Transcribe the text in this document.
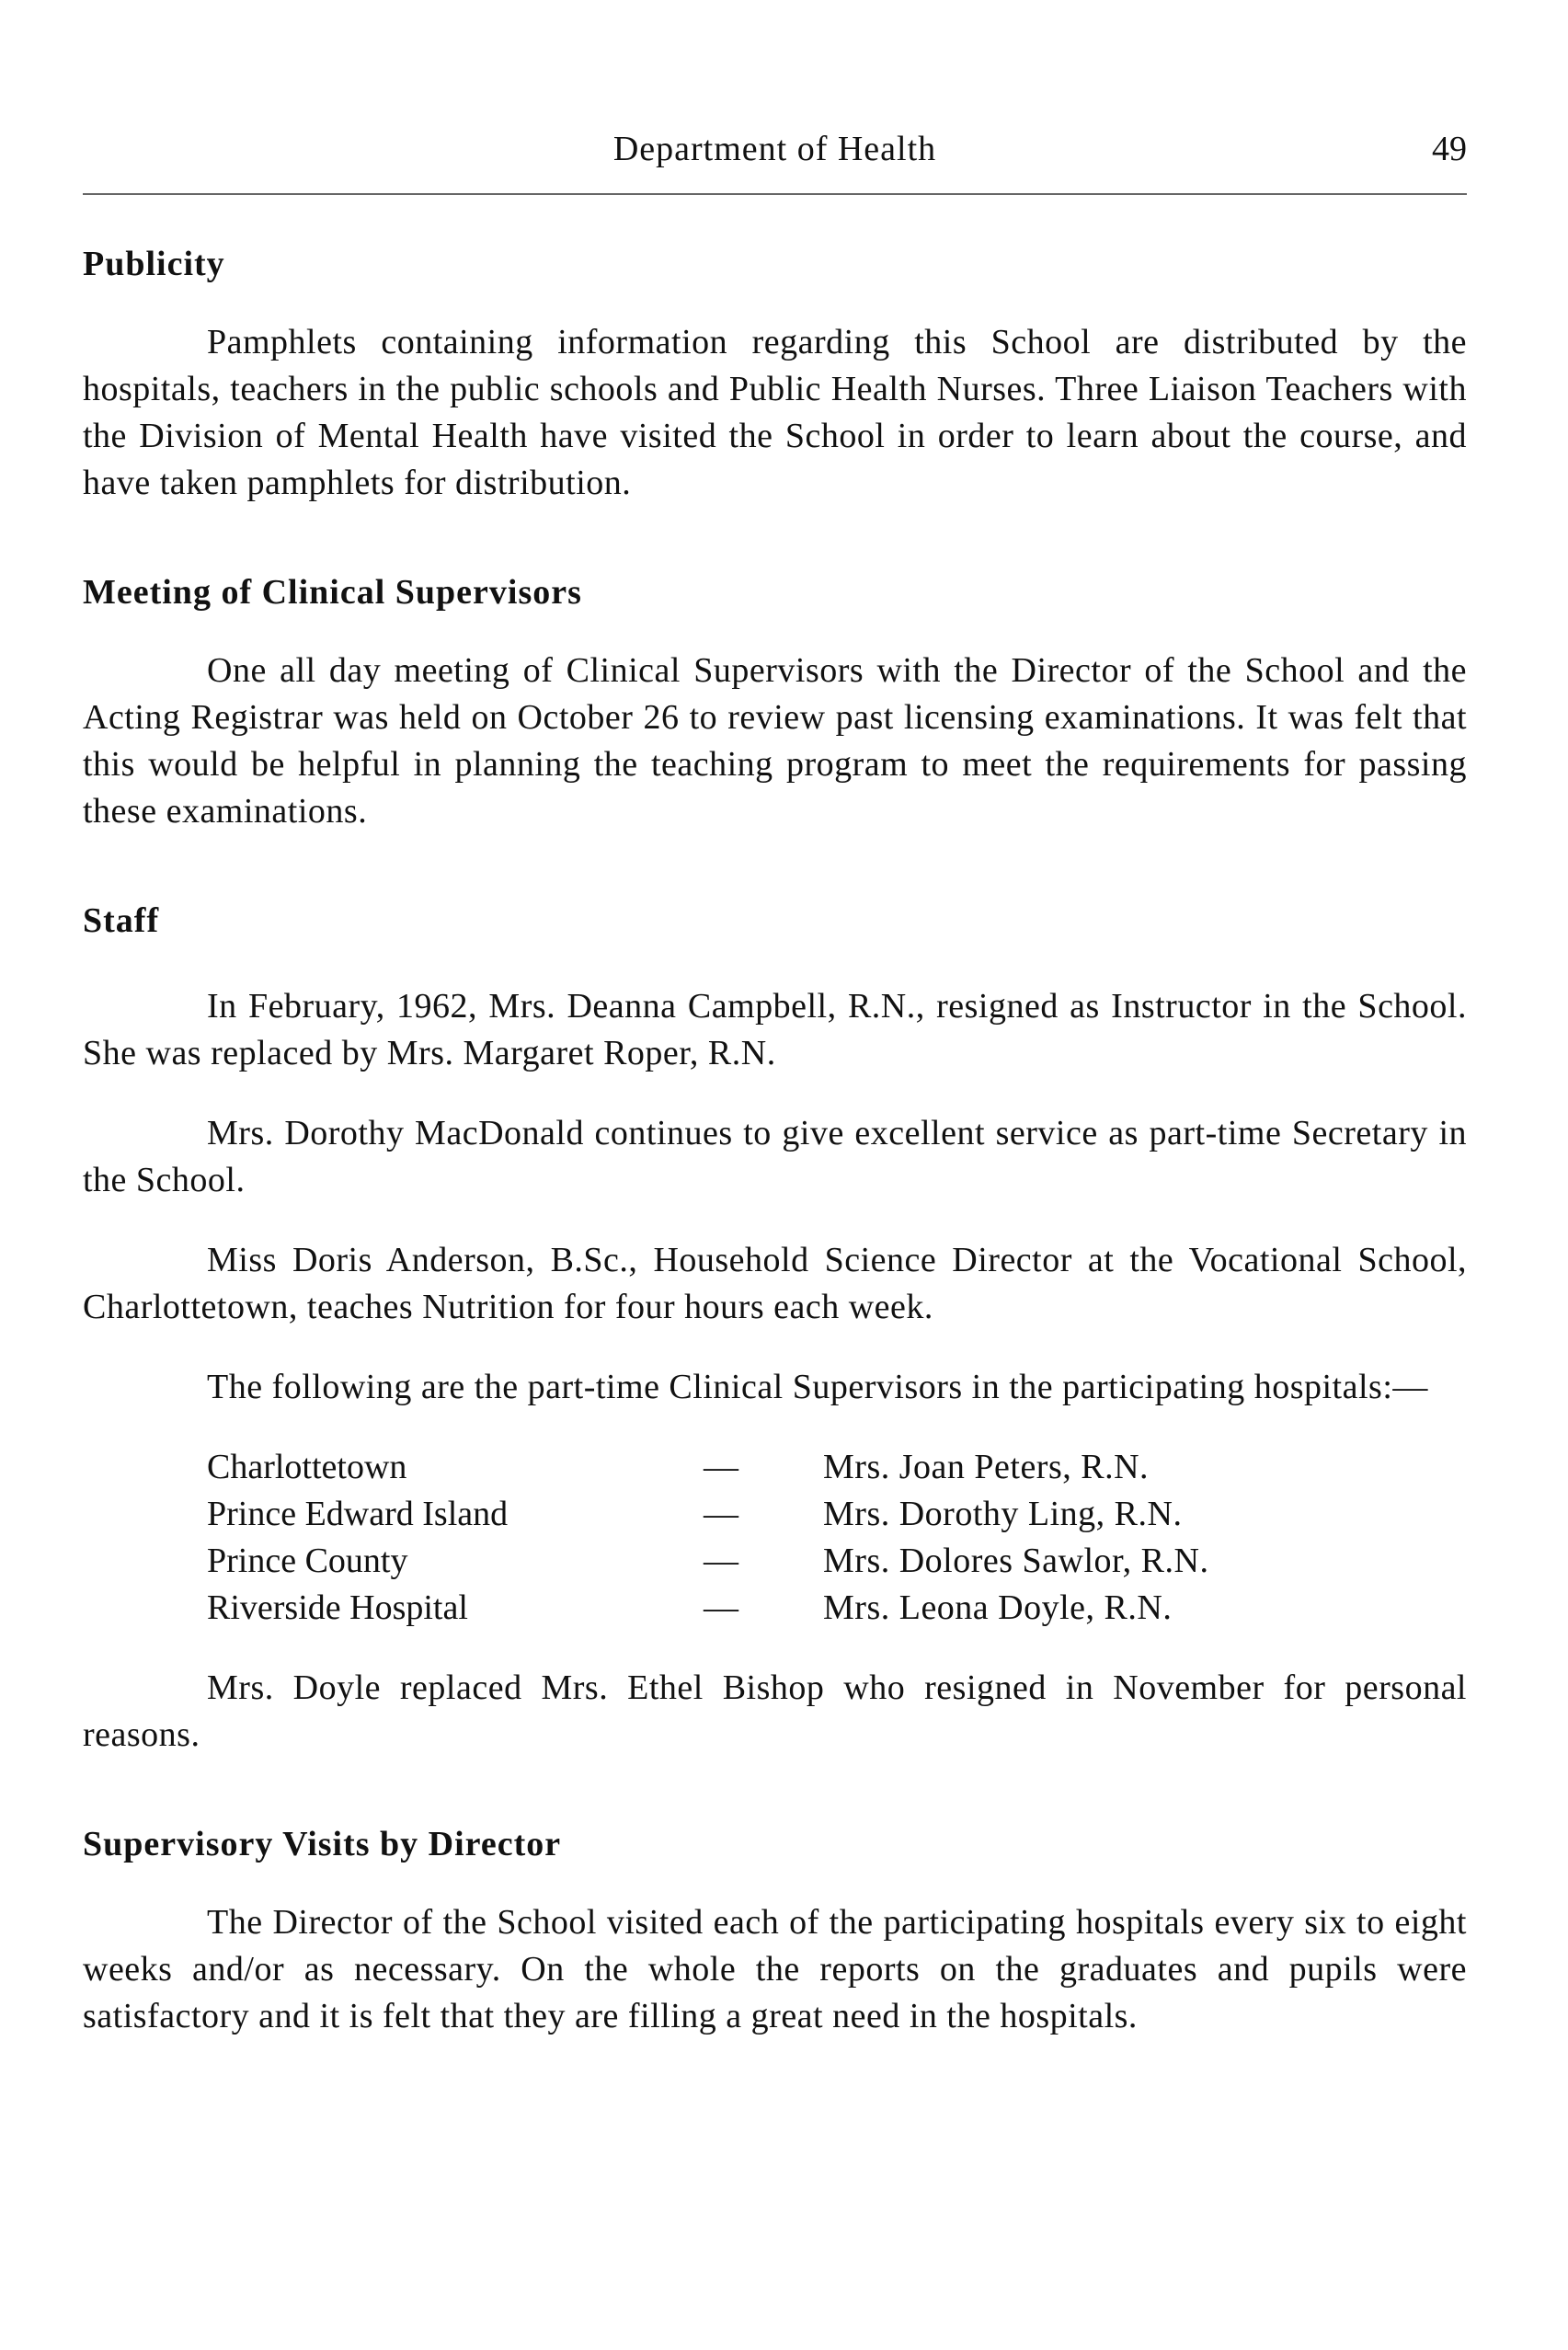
Department of Health	49
Publicity

Pamphlets containing information regarding this School are distributed by the hospitals, teachers in the public schools and Public Health Nurses. Three Liaison Teachers with the Division of Mental Health have visited the School in order to learn about the course, and have taken pamphlets for distribution.

Meeting of Clinical Supervisors

One all day meeting of Clinical Supervisors with the Director of the School and the Acting Registrar was held on October 26 to review past licensing examinations. It was felt that this would be helpful in planning the teaching program to meet the requirements for passing these examinations.

Staff

In February, 1962, Mrs. Deanna Campbell, R.N., resigned as Instructor in the School. She was replaced by Mrs. Margaret Roper, R.N.

Mrs. Dorothy MacDonald continues to give excellent service as part-time Secretary in the School.

Miss Doris Anderson, B.Sc., Household Science Director at the Vocational School, Charlottetown, teaches Nutrition for four hours each week.

The following are the part-time Clinical Supervisors in the participating hospitals:—

Charlottetown	—	Mrs. Joan Peters, R.N.
Prince Edward Island	—	Mrs. Dorothy Ling, R.N.
Prince County	—	Mrs. Dolores Sawlor, R.N.
Riverside Hospital	—	Mrs. Leona Doyle, R.N.

Mrs. Doyle replaced Mrs. Ethel Bishop who resigned in November for personal reasons.

Supervisory Visits by Director

The Director of the School visited each of the participating hospitals every six to eight weeks and/or as necessary. On the whole the reports on the graduates and pupils were satisfactory and it is felt that they are filling a great need in the hospitals.
